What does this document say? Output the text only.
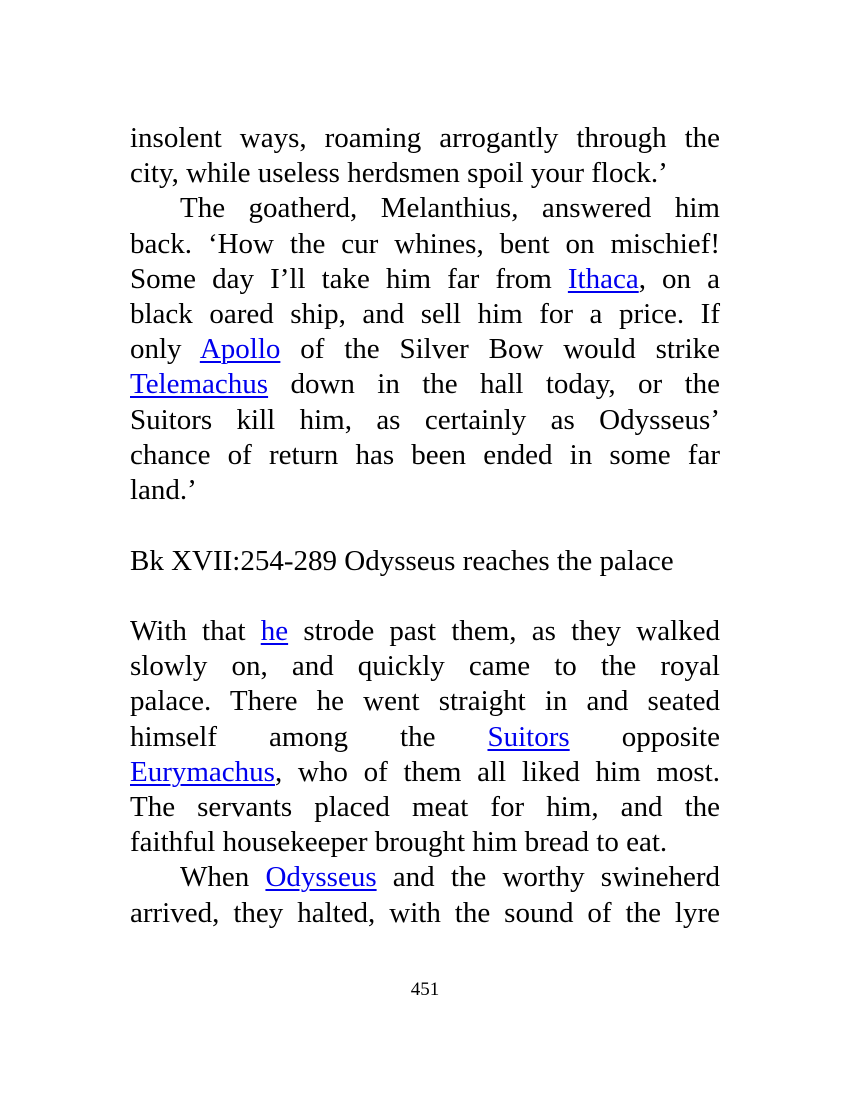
insolent ways, roaming arrogantly through the
city, while useless herdsmen spoil your flock.’
The goatherd, Melanthius, answered him
back. ‘How the cur whines, bent on mischief!
Some day I’ll take him far from Ithaca, on a
black oared ship, and sell him for a price. If
only Apollo of the Silver Bow would strike
Telemachus down in the hall today, or the
Suitors kill him, as certainly as Odysseus’
chance of return has been ended in some far
land.’
Bk XVII:254-289 Odysseus reaches the palace
With that he strode past them, as they walked
slowly on, and quickly came to the royal
palace. There he went straight in and seated
himself among the Suitors opposite
Eurymachus, who of them all liked him most.
The servants placed meat for him, and the
faithful housekeeper brought him bread to eat.
When Odysseus and the worthy swineherd
arrived, they halted, with the sound of the lyre
451
